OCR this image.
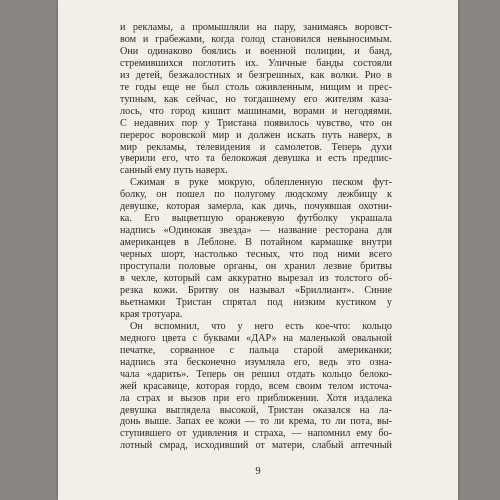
и рекламы, а промышляли на пару, занимаясь воровст-

вом и грабежами, когда голод становился невыносимым.

Они одинаково боялись и военной полиции, и банд,

стремившихся поглотить их. Уличные банды состояли

из детей, безжалостных и безгрешных, как волки. Рио в

те годы еще не был столь оживленным, нищим и прес-

тупным, как сейчас, но тогдашнему его жителям каза-

лось, что город кишит машинами, ворами и негодяями.

С недавних пор у Тристана появилось чувство, что он

перерос воровской мир и должен искать путь наверх, в

мир рекламы, телевидения и самолетов. Теперь духи

уверили его, что та белокожая девушка и есть предпис-

санный ему путь наверх.

Сжимая в руке мокрую, облепленную песком фут-

болку, он пошел по полугому людскому лежбищу к

девушке, которая замерла, как дичь, почуявшая охотни-

ка. Его выцветшую оранжевую футболку украшала

надпись «Одинокая звезда» — название ресторана для

американцев в Леблоне. В потайном кармашке внутри

черных шорт, настолько тесных, что под ними всего

проступали половые органы, он хранил лезвие бритвы

в чехле, который сам аккуратно вырезал из толстого об-

резка кожи. Бритву он называл «Бриллиант». Синие

вьетнамки Тристан спрятал под низким кустиком у

края тротуара.

Он вспомнил, что у него есть кое-что: кольцо

медного цвета с буквами «ДАР» на маленькой овальной

печатке, сорванное с пальца старой американки;

надпись эта бесконечно изумляла его, ведь это озна-

чала «дарить». Теперь он решил отдать кольцо белоко-

жей красавице, которая гордо, всем своим телом источа-

ла страх и вызов при его приближении. Хотя издалека

девушка выглядела высокой, Тристан оказался на ла-

донь выше. Запах ее кожи — то ли крема, то ли пота, вы-

ступившего от удивления и страха, — напомнил ему бо-

лотный смрад, исходивший от матери, слабый аптечный

9
